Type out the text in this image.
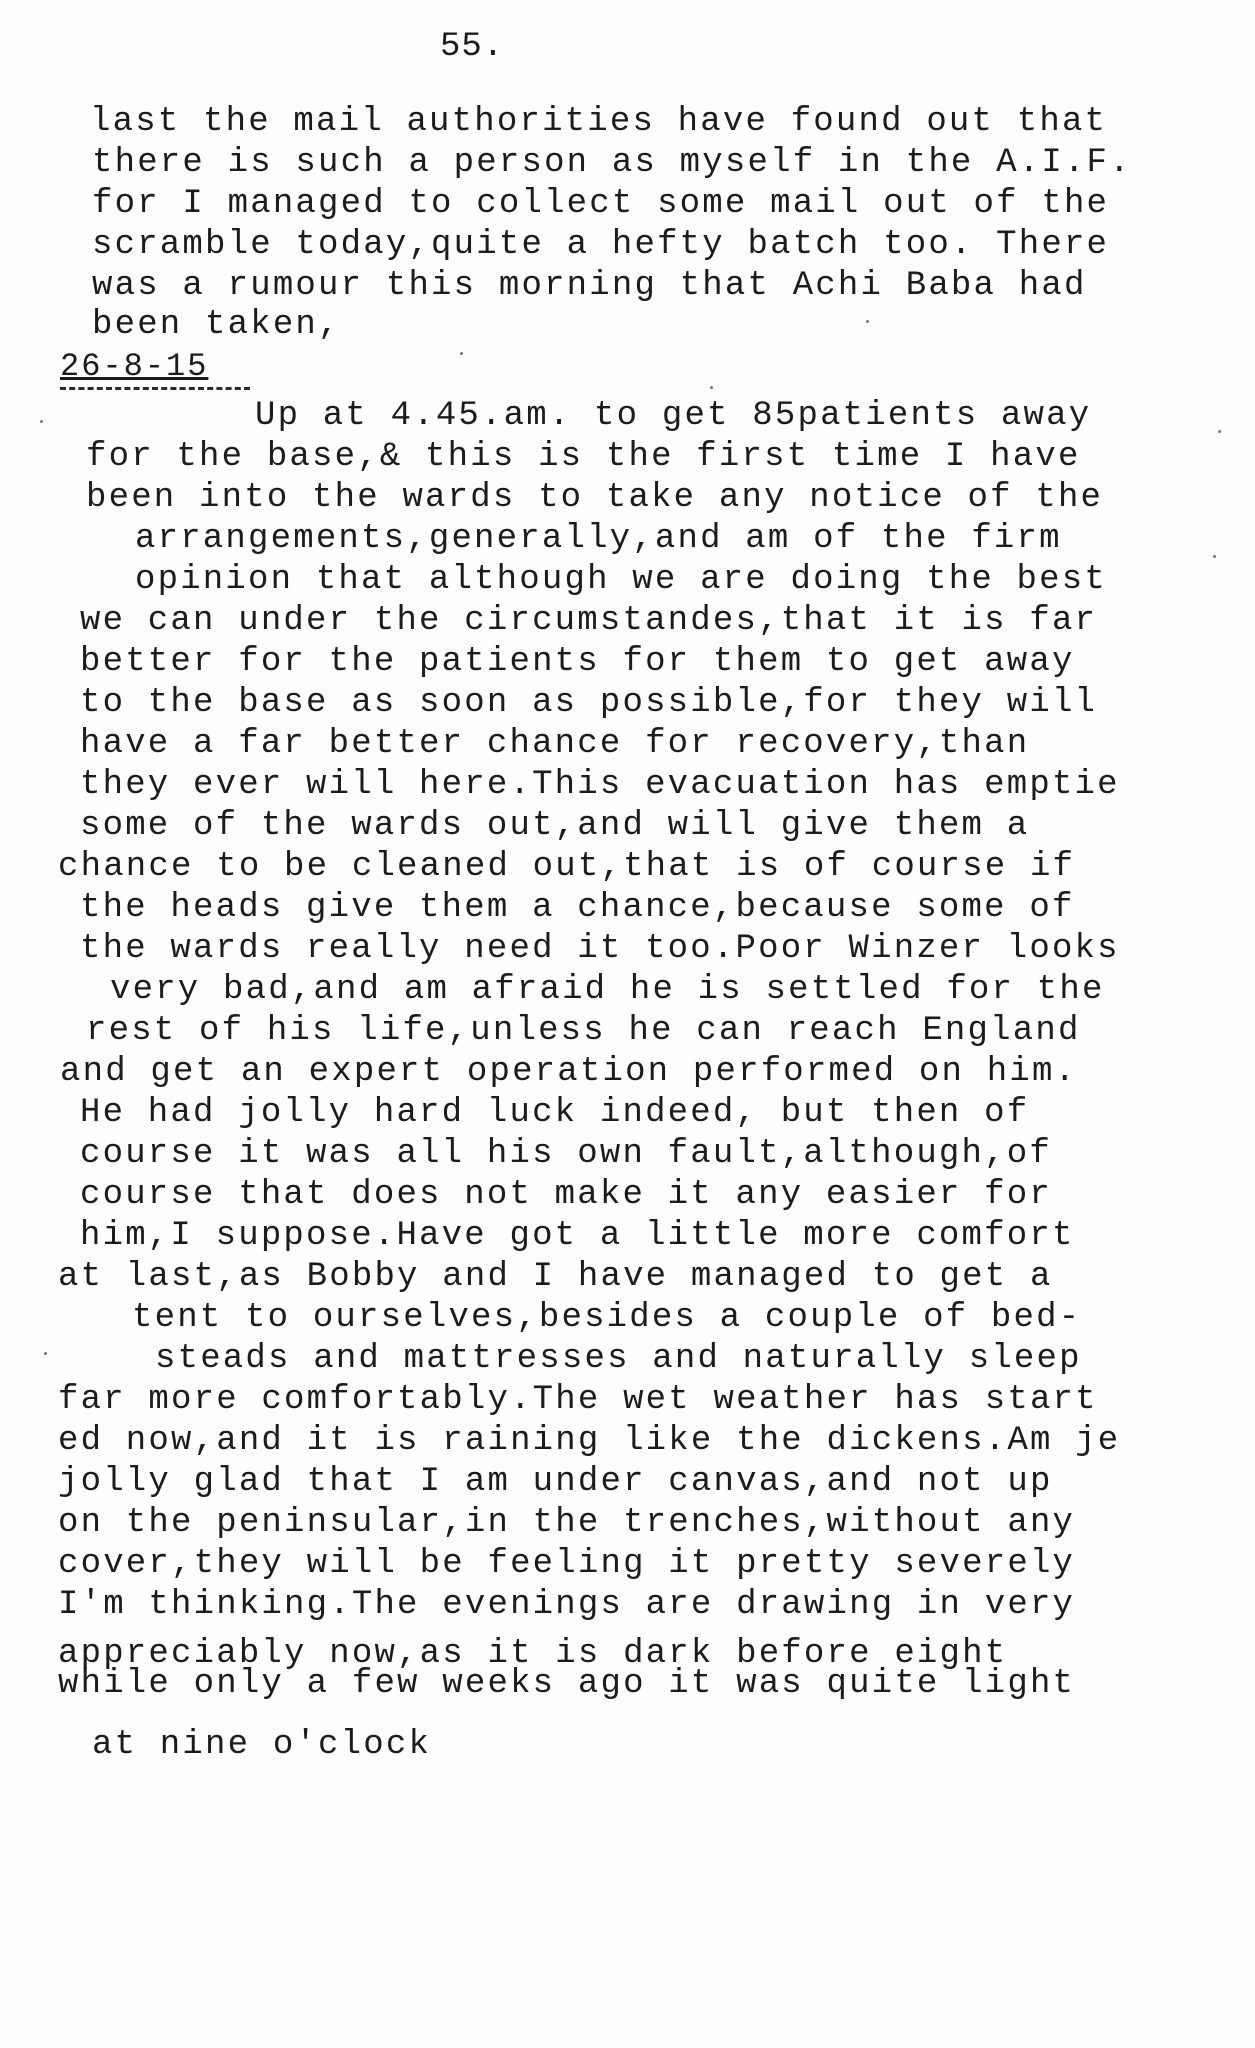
55.
last the mail authorities have found out that
there is such a person as myself in the A.I.F.
for I managed to collect some mail out of the
scramble today,quite a hefty batch too. There
was a rumour this morning that Achi Baba had
been taken,
26-8-15
Up at 4.45.am. to get 85patients away
for the base,& this is the first time I have
been into the wards to take any notice of the
arrangements,generally,and am of the firm
opinion that although we are doing the best
we can under the circumstandes,that it is far
better for the patients for them to get away
to the base as soon as possible,for they will
have a far better chance for recovery,than
they ever will here.This evacuation has emptie
some of the wards out,and will give them a
chance to be cleaned out,that is of course if
the heads give them a chance,because some of
the wards really need it too.Poor Winzer looks
very bad,and am afraid he is settled for the
rest of his life,unless he can reach England
and get an expert operation performed on him.
He had jolly hard luck indeed, but then of
course it was all his own fault,although,of
course that does not make it any easier for
him,I suppose.Have got a little more comfort
at last,as Bobby and I have managed to get a
tent to ourselves,besides a couple of bed-
steads and mattresses and naturally sleep
far more comfortably.The wet weather has start
ed now,and it is raining like the dickens.Am je
jolly glad that I am under canvas,and not up
on the peninsular,in the trenches,without any
cover,they will be feeling it pretty severely
I'm thinking.The evenings are drawing in very
appreciably now,as it is dark before eight
while only a few weeks ago it was quite light
at nine o'clock
